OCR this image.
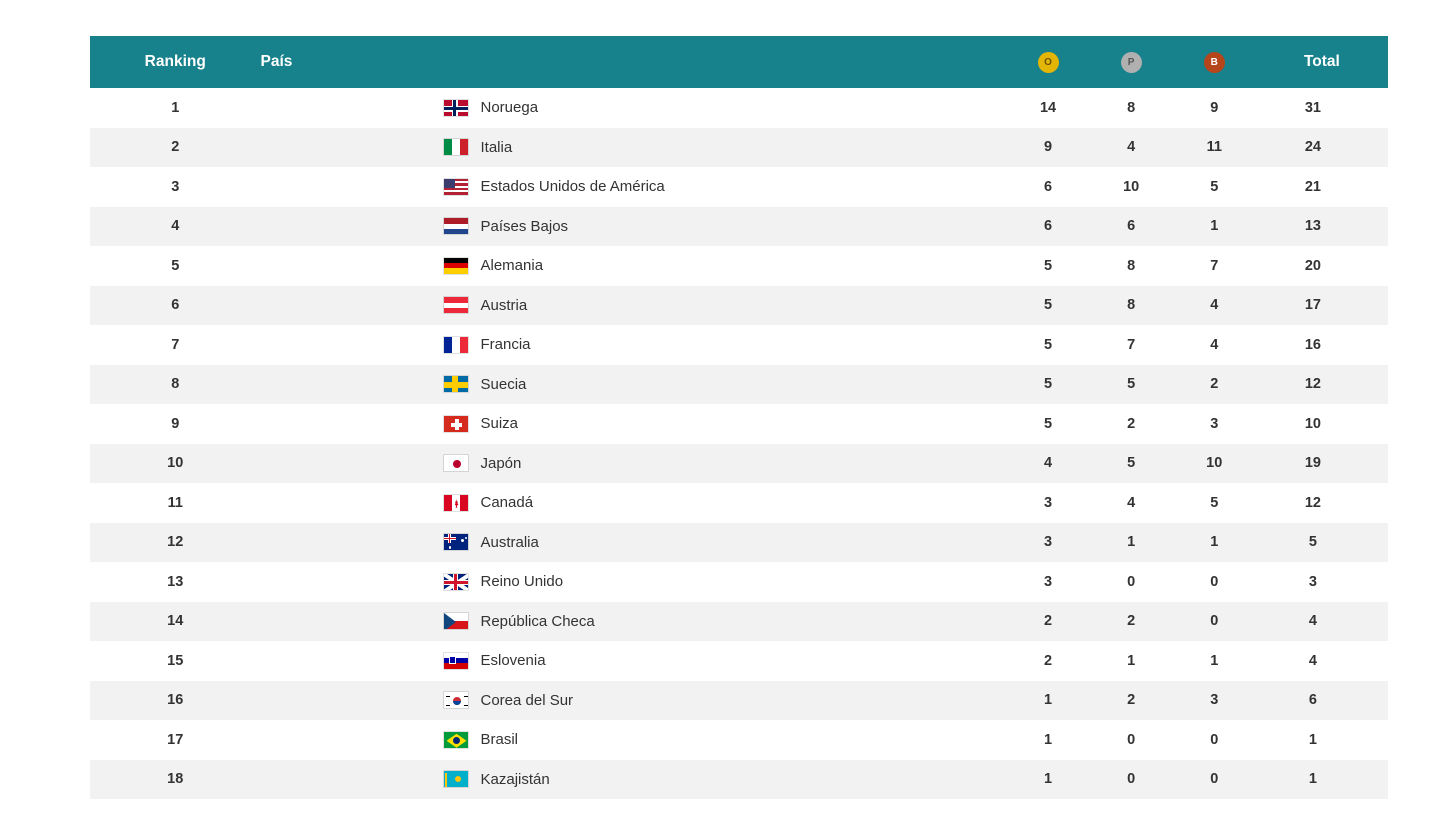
Ranking	País	O	P	B	Total
1	Noruega	14	8	9	31
2	Italia	9	4	11	24
3	Estados Unidos de América	6	10	5	21
4	Países Bajos	6	6	1	13
5	Alemania	5	8	7	20
6	Austria	5	8	4	17
7	Francia	5	7	4	16
8	Suecia	5	5	2	12
9	Suiza	5	2	3	10
10	Japón	4	5	10	19
11	Canadá	3	4	5	12
12	Australia	3	1	1	5
13	Reino Unido	3	0	0	3
14	República Checa	2	2	0	4
15	Eslovenia	2	1	1	4
16	Corea del Sur	1	2	3	6
17	Brasil	1	0	0	1
18	Kazajistán	1	0	0	1
